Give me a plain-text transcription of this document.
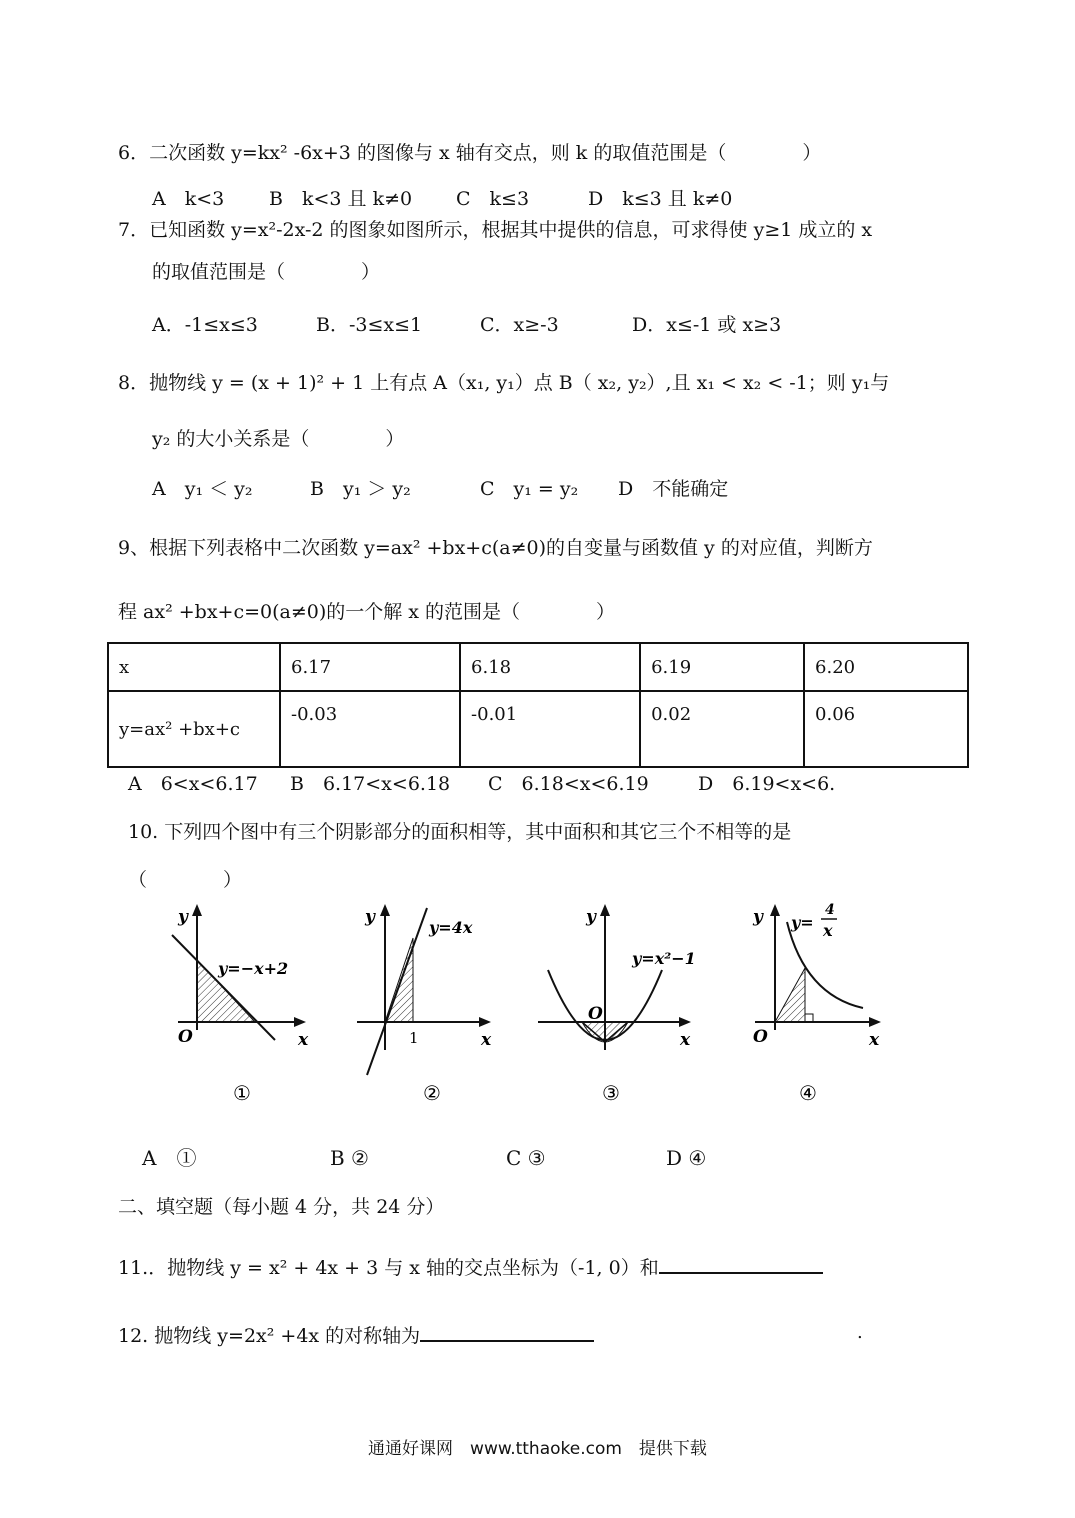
6．二次函数 y=kx² -6x+3 的图像与 x 轴有交点，则 k 的取值范围是（　　　　）
A　k<3 B　k<3 且 k≠0 C　k≤3	D　k≤3 且 k≠0
7．已知函数 y=x²-2x-2 的图象如图所示，根据其中提供的信息，可求得使 y≥1 成立的 x
的取值范围是（　　　　）
A．-1≤x≤3	B．-3≤x≤1	C．x≥-3	D．x≤-1 或 x≥3
8．抛物线 y = (x + 1)² + 1 上有点 A（x₁, y₁）点 B（ x₂, y₂）,且 x₁ < x₂ < -1；则 y₁与
y₂ 的大小关系是（　　　　）
A　y₁ ＜ y₂	B　y₁ ＞ y₂	C　y₁ = y₂ D　不能确定
9、根据下列表格中二次函数 y=ax² +bx+c(a≠0)的自变量与函数值 y 的对应值，判断方
程 ax² +bx+c=0(a≠0)的一个解 x 的范围是（　　　　）
x	6.17	6.18	6.19	6.20
y=ax² +bx+c	-0.03	-0.01	0.02	0.06
A　6<x<6.17 B　6.17<x<6.18 C　6.18<x<6.19	D　6.19<x<6.
10. 下列四个图中有三个阴影部分的面积相等，其中面积和其它三个不相等的是
（　　　　）
y
x
O
y=−x+2
①
y
x
1
y=4x
②
y
x
O
y=x²−1
③
y
x
O
y=
4
x
④
A　①	B ②	C ③	D ④
二、填空题（每小题 4 分，共 24 分）
11.．抛物线 y = x² + 4x + 3 与 x 轴的交点坐标为（-1, 0）和
12. 抛物线 y=2x² +4x 的对称轴为	.
通通好课网　www.tthaoke.com　提供下载
